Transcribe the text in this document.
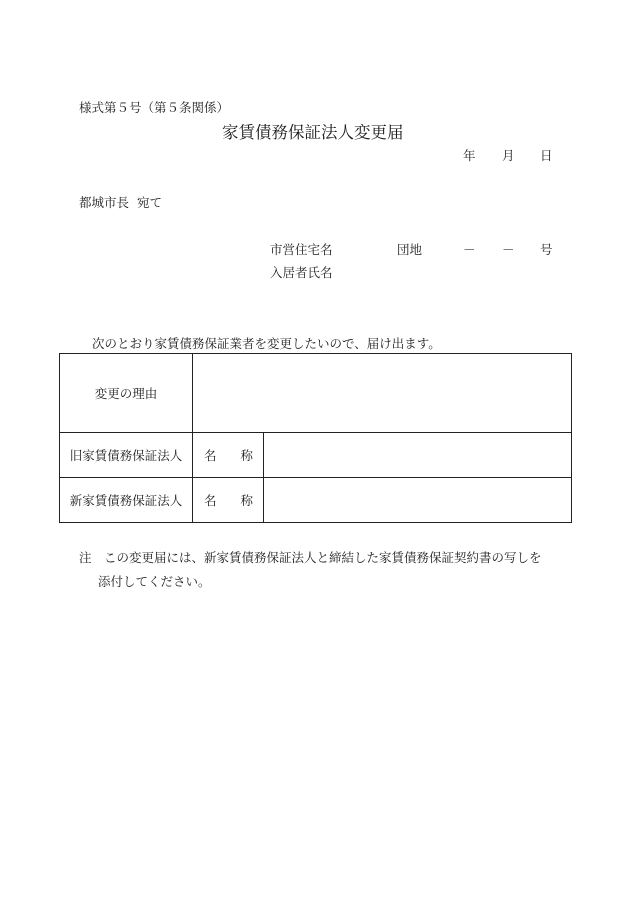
様式第５号（第５条関係）
家賃債務保証法人変更届
年 月 日
都城市長  宛て
市営住宅名	団地	－ － 号
入居者氏名
次のとおり家賃債務保証業者を変更したいので、届け出ます。
変更の理由		
旧家賃債務保証法人	名 称	
新家賃債務保証法人	名 称	
注 この変更届には、新家賃債務保証法人と締結した家賃債務保証契約書の写しを
添付してください。
